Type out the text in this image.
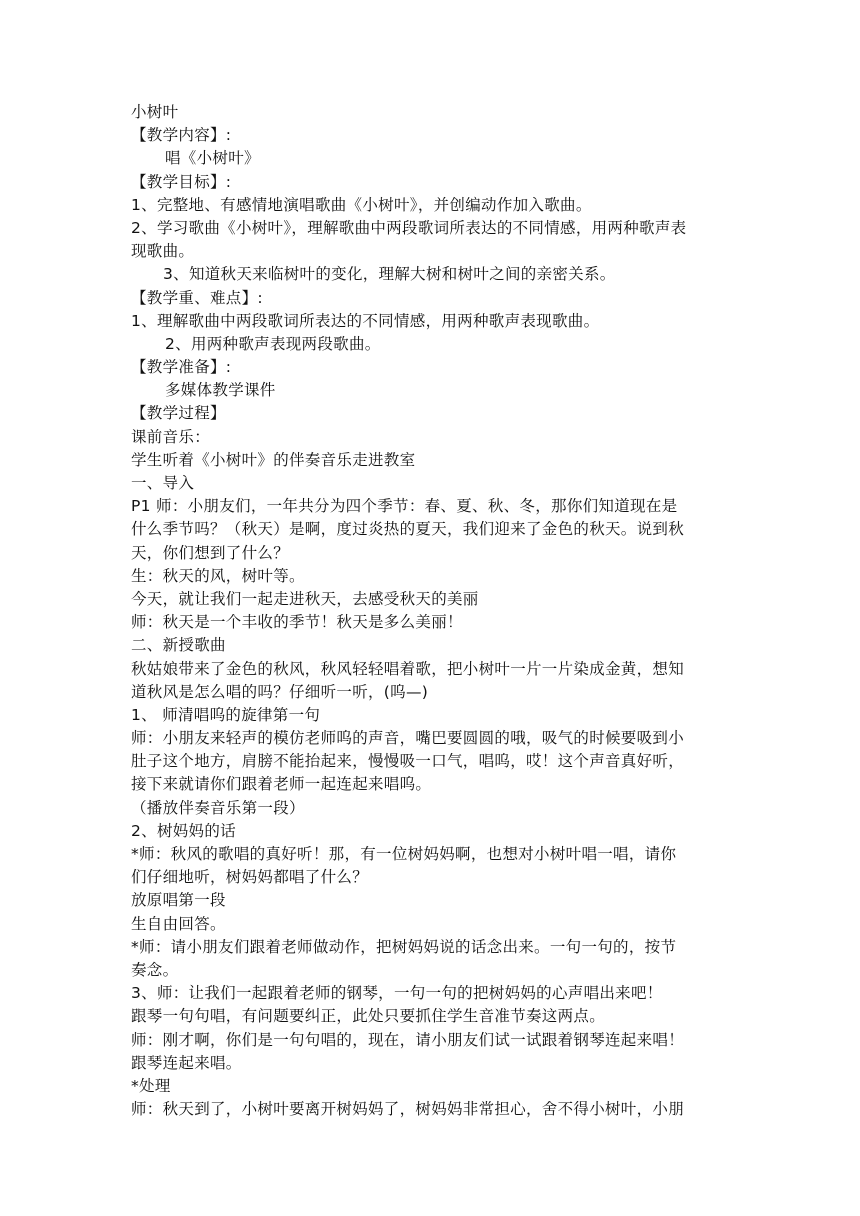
小树叶
【教学内容】:
唱《小树叶》
【教学目标】:
1、完整地、有感情地演唱歌曲《小树叶》，并创编动作加入歌曲。
2、学习歌曲《小树叶》，理解歌曲中两段歌词所表达的不同情感，用两种歌声表
现歌曲。
3、知道秋天来临树叶的变化，理解大树和树叶之间的亲密关系。
【教学重、难点】:
1、理解歌曲中两段歌词所表达的不同情感，用两种歌声表现歌曲。
2、用两种歌声表现两段歌曲。
【教学准备】:
多媒体教学课件
【教学过程】
课前音乐：
学生听着《小树叶》的伴奏音乐走进教室
一、导入
P1 师：小朋友们，一年共分为四个季节：春、夏、秋、冬，那你们知道现在是
什么季节吗？（秋天）是啊，度过炎热的夏天，我们迎来了金色的秋天。说到秋
天，你们想到了什么？
生：秋天的风，树叶等。
今天，就让我们一起走进秋天，去感受秋天的美丽
师：秋天是一个丰收的季节！秋天是多么美丽！
二、新授歌曲
秋姑娘带来了金色的秋风，秋风轻轻唱着歌，把小树叶一片一片染成金黄，想知
道秋风是怎么唱的吗？仔细听一听，(呜—)
1、 师清唱呜的旋律第一句
师：小朋友来轻声的模仿老师呜的声音，嘴巴要圆圆的哦，吸气的时候要吸到小
肚子这个地方，肩膀不能抬起来，慢慢吸一口气，唱呜，哎！这个声音真好听，
接下来就请你们跟着老师一起连起来唱呜。
（播放伴奏音乐第一段）
2、树妈妈的话
*师：秋风的歌唱的真好听！那，有一位树妈妈啊，也想对小树叶唱一唱，请你
们仔细地听，树妈妈都唱了什么？
放原唱第一段
生自由回答。
*师：请小朋友们跟着老师做动作，把树妈妈说的话念出来。一句一句的，按节
奏念。
3、师：让我们一起跟着老师的钢琴，一句一句的把树妈妈的心声唱出来吧！
跟琴一句句唱，有问题要纠正，此处只要抓住学生音准节奏这两点。
师：刚才啊，你们是一句句唱的，现在，请小朋友们试一试跟着钢琴连起来唱！
跟琴连起来唱。
*处理
师：秋天到了，小树叶要离开树妈妈了，树妈妈非常担心，舍不得小树叶，小朋
